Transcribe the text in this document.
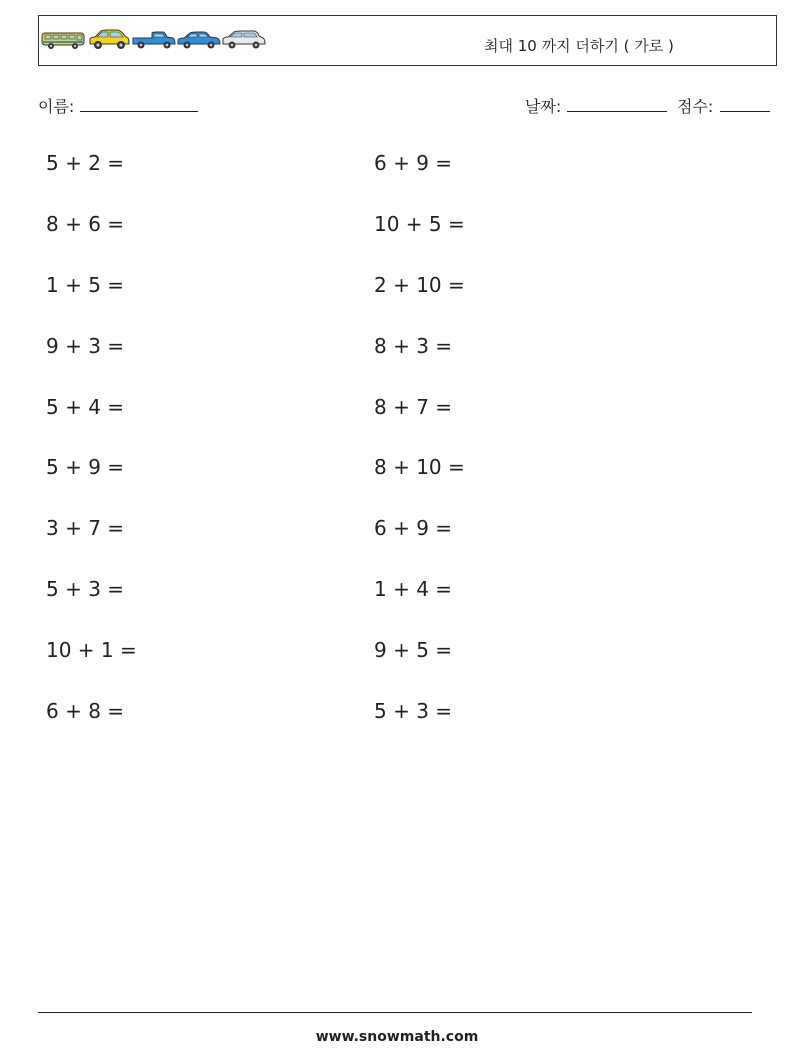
최대 10 까지 더하기 ( 가로 )
이름:	날짜:	점수:
5 + 2 =
8 + 6 =
1 + 5 =
9 + 3 =
5 + 4 =
5 + 9 =
3 + 7 =
5 + 3 =
10 + 1 =
6 + 8 =
6 + 9 =
10 + 5 =
2 + 10 =
8 + 3 =
8 + 7 =
8 + 10 =
6 + 9 =
1 + 4 =
9 + 5 =
5 + 3 =
www.snowmath.com
